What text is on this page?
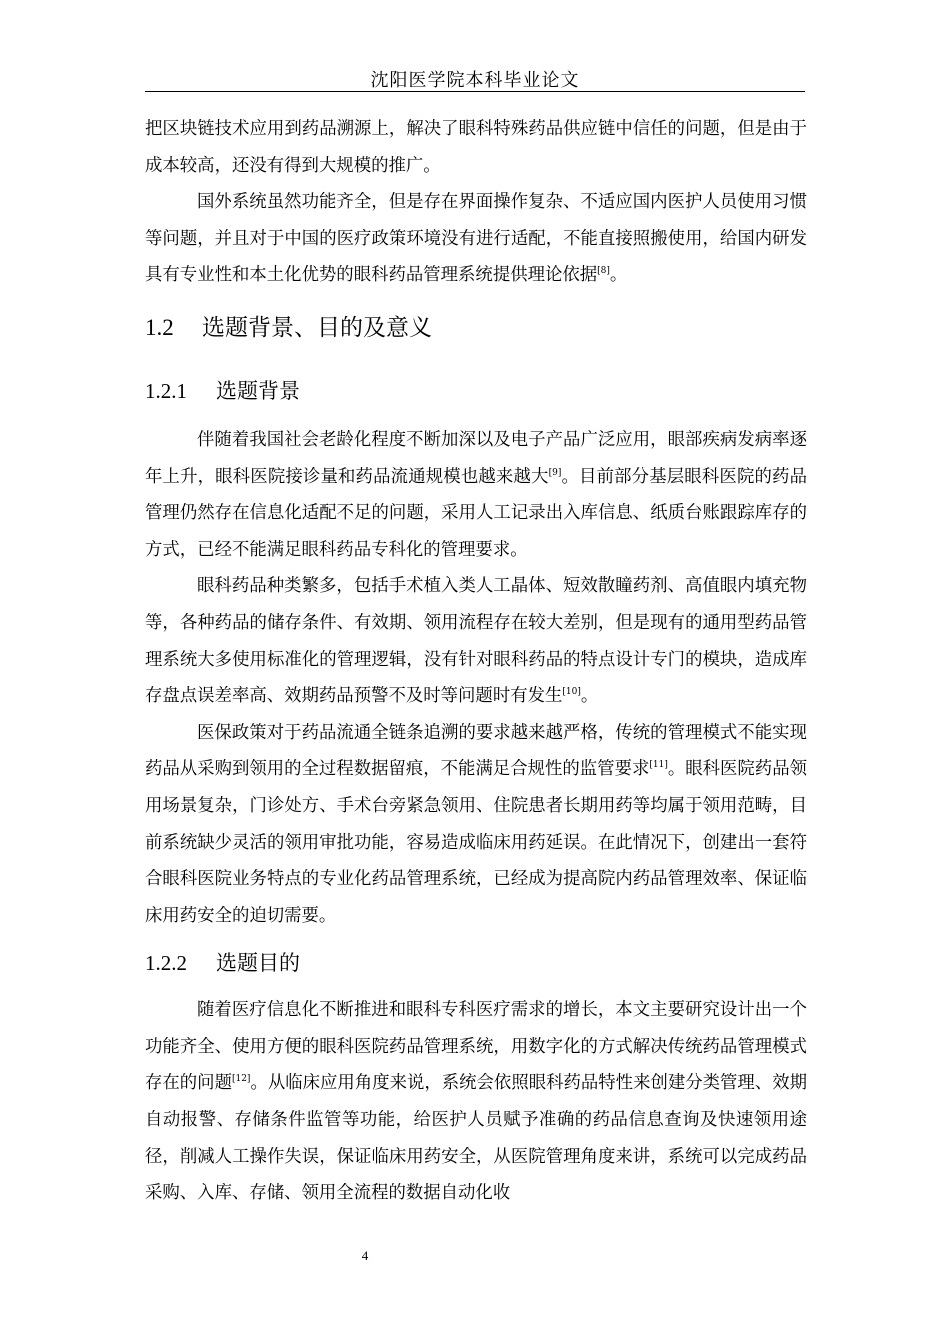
沈阳医学院本科毕业论文

把区块链技术应用到药品溯源上，解决了眼科特殊药品供应链中信任的问题，但是由于成本较高，还没有得到大规模的推广。

国外系统虽然功能齐全，但是存在界面操作复杂、不适应国内医护人员使用习惯等问题，并且对于中国的医疗政策环境没有进行适配，不能直接照搬使用，给国内研发具有专业性和本土化优势的眼科药品管理系统提供理论依据[8]。

1.2 选题背景、目的及意义
1.2.1 选题背景

伴随着我国社会老龄化程度不断加深以及电子产品广泛应用，眼部疾病发病率逐年上升，眼科医院接诊量和药品流通规模也越来越大[9]。目前部分基层眼科医院的药品管理仍然存在信息化适配不足的问题，采用人工记录出入库信息、纸质台账跟踪库存的方式，已经不能满足眼科药品专科化的管理要求。

眼科药品种类繁多，包括手术植入类人工晶体、短效散瞳药剂、高值眼内填充物等，各种药品的储存条件、有效期、领用流程存在较大差别，但是现有的通用型药品管理系统大多使用标准化的管理逻辑，没有针对眼科药品的特点设计专门的模块，造成库存盘点误差率高、效期药品预警不及时等问题时有发生[10]。

医保政策对于药品流通全链条追溯的要求越来越严格，传统的管理模式不能实现药品从采购到领用的全过程数据留痕，不能满足合规性的监管要求[11]。眼科医院药品领用场景复杂，门诊处方、手术台旁紧急领用、住院患者长期用药等均属于领用范畴，目前系统缺少灵活的领用审批功能，容易造成临床用药延误。在此情况下，创建出一套符合眼科医院业务特点的专业化药品管理系统，已经成为提高院内药品管理效率、保证临床用药安全的迫切需要。

1.2.2 选题目的

随着医疗信息化不断推进和眼科专科医疗需求的增长，本文主要研究设计出一个功能齐全、使用方便的眼科医院药品管理系统，用数字化的方式解决传统药品管理模式存在的问题[12]。从临床应用角度来说，系统会依照眼科药品特性来创建分类管理、效期自动报警、存储条件监管等功能，给医护人员赋予准确的药品信息查询及快速领用途径，削减人工操作失误，保证临床用药安全，从医院管理角度来讲，系统可以完成药品采购、入库、存储、领用全流程的数据自动化收

4
